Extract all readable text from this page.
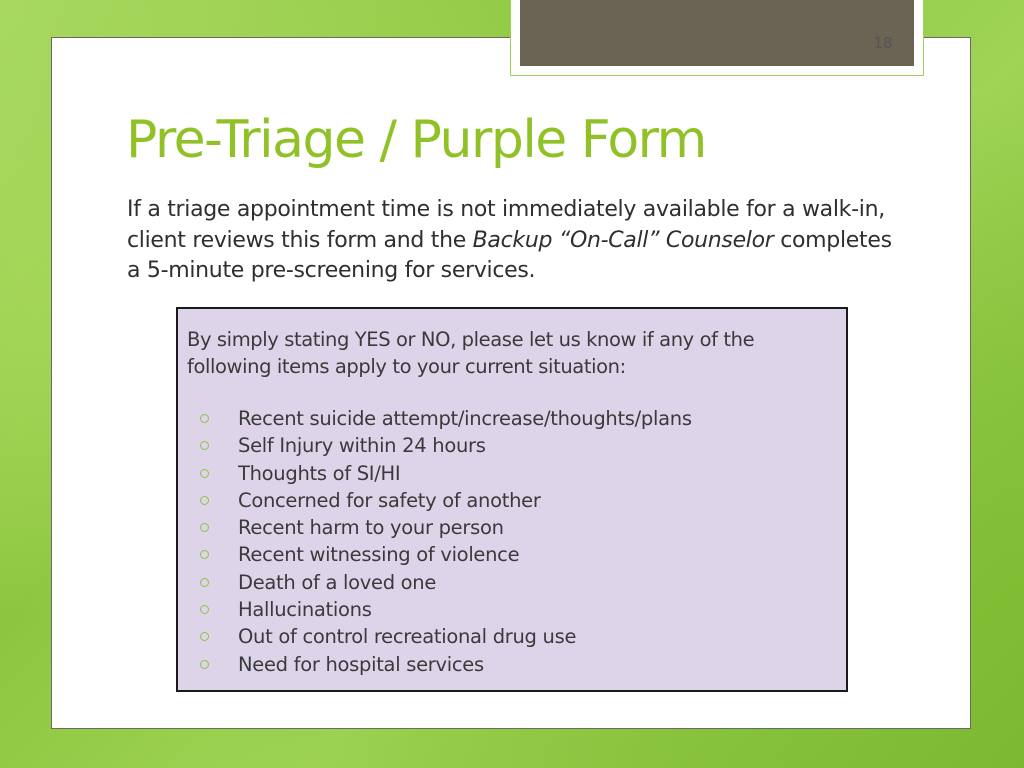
18
Pre-Triage / Purple Form

If a triage appointment time is not immediately available for a walk-in, client reviews this form and the Backup “On-Call” Counselor completes a 5-minute pre-screening for services.

By simply stating YES or NO, please let us know if any of the following items apply to your current situation:

Recent suicide attempt/increase/thoughts/plans
Self Injury within 24 hours
Thoughts of SI/HI
Concerned for safety of another
Recent harm to your person
Recent witnessing of violence
Death of a loved one
Hallucinations
Out of control recreational drug use
Need for hospital services
